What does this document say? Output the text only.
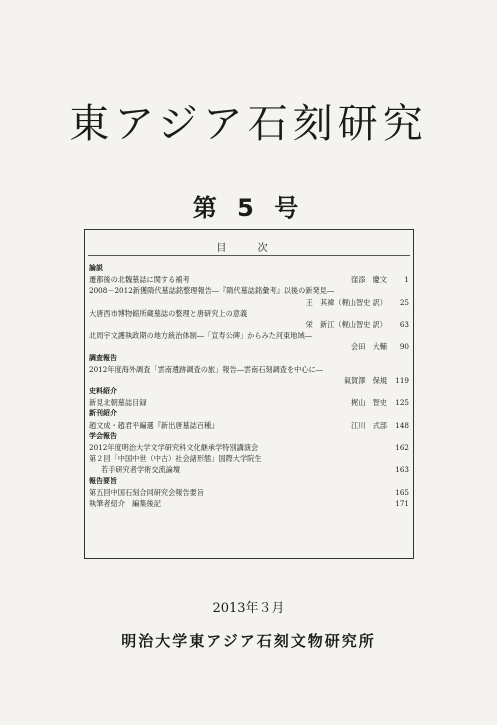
東アジア石刻研究
第 5 号
目 次
論説
遷都後の北魏墓誌に関する補考	窪添　慶文 1
2008－2012新獲隋代墓誌銘整理報告―『隋代墓誌銘彙考』以後の新発見―
王　其褘（梶山智史 訳） 25
大唐西市博物館所蔵墓誌の整理と唐研究上の意義
栄　新江（梶山智史 訳） 63
北周宇文護執政期の地方統治体制―「宣寿公碑」からみた河東地域―
会田　大輔 90
調査報告
2012年度海外調査「雲南遺跡調査の旅」報告―雲南石刻調査を中心に―
氣賀澤　保規 119
史料紹介
新見北朝墓誌目録	梶山　智史 125
新刊紹介
趙文成・趙君平編選『新出唐墓誌百種』	江川　式部 148
学会報告
2012年度明治大学文学研究科文化継承学特別講演会	162
第２回「中国中世（中古）社会諸形態」国際大学院生
若手研究者学術交流論壇	163
報告要旨
第五回中国石刻合同研究会報告要旨	165
執筆者紹介　編集後記	171
2013年３月
明治大学東アジア石刻文物研究所
